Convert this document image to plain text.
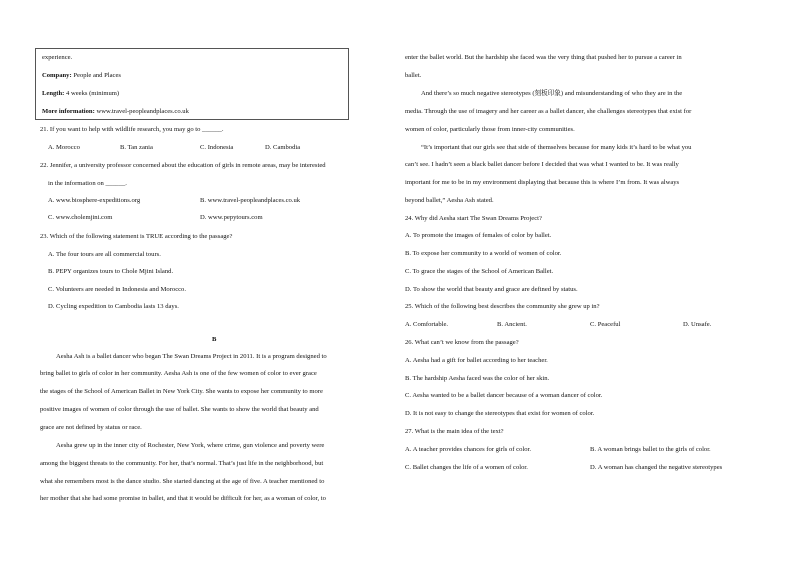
experience.
Company: People and Places
Length: 4 weeks (minimum)
More information: www.travel-peopleandplaces.co.uk
21. If you want to help with wildlife research, you may go to ______.
A. Morocco	B. Tan zania	C. Indonesia	D. Cambodia
22. Jennifer, a university professor concerned about the education of girls in remote areas, may be interested
in the information on ______.
A. www.biosphere-expeditions.org	B. www.travel-peopleandplaces.co.uk
C. www.cholemjini.com	D. www.pepytours.com
23. Which of the following statement is TRUE according to the passage?
A. The four tours are all commercial tours.
B. PEPY organizes tours to Chole Mjini Island.
C. Volunteers are needed in Indonesia and Morocco.
D. Cycling expedition to Cambodia lasts 13 days.
B
Aesha Ash is a ballet dancer who began The Swan Dreams Project in 2011. It is a program designed to
bring ballet to girls of color in her community. Aesha Ash is one of the few women of color to ever grace
the stages of the School of American Ballet in New York City. She wants to expose her community to more
positive images of women of color through the use of ballet. She wants to show the world that beauty and
grace are not defined by status or race.
Aesha grew up in the inner city of Rochester, New York, where crime, gun violence and poverty were
among the biggest threats to the community. For her, that’s normal. That’s just life in the neighborhood, but
what she remembers most is the dance studio. She started dancing at the age of five. A teacher mentioned to
her mother that she had some promise in ballet, and that it would be difficult for her, as a woman of color, to
enter the ballet world. But the hardship she faced was the very thing that pushed her to pursue a career in
ballet.
And there’s so much negative stereotypes (刻板印象) and misunderstanding of who they are in the
media. Through the use of imagery and her career as a ballet dancer, she challenges stereotypes that exist for
women of color, particularly those from inner-city communities.
“It’s important that our girls see that side of themselves because for many kids it’s hard to be what you
can’t see. I hadn’t seen a black ballet dancer before I decided that was what I wanted to be. It was really
important for me to be in my environment displaying that because this is where I’m from. It was always
beyond ballet,” Aesha Ash stated.
24. Why did Aesha start The Swan Dreams Project?
A. To promote the images of females of color by ballet.
B. To expose her community to a world of women of color.
C. To grace the stages of the School of American Ballet.
D. To show the world that beauty and grace are defined by status.
25. Which of the following best describes the community she grew up in?
A. Comfortable.	B. Ancient.	C. Peaceful	D. Unsafe.
26. What can’t we know from the passage?
A. Aesha had a gift for ballet according to her teacher.
B. The hardship Aesha faced was the color of her skin.
C. Aesha wanted to be a ballet dancer because of a woman dancer of color.
D. It is not easy to change the stereotypes that exist for women of color.
27. What is the main idea of the text?
A. A teacher provides chances for girls of color.	B. A woman brings ballet to the girls of color.
C. Ballet changes the life of a women of color.	D. A woman has changed the negative stereotypes
